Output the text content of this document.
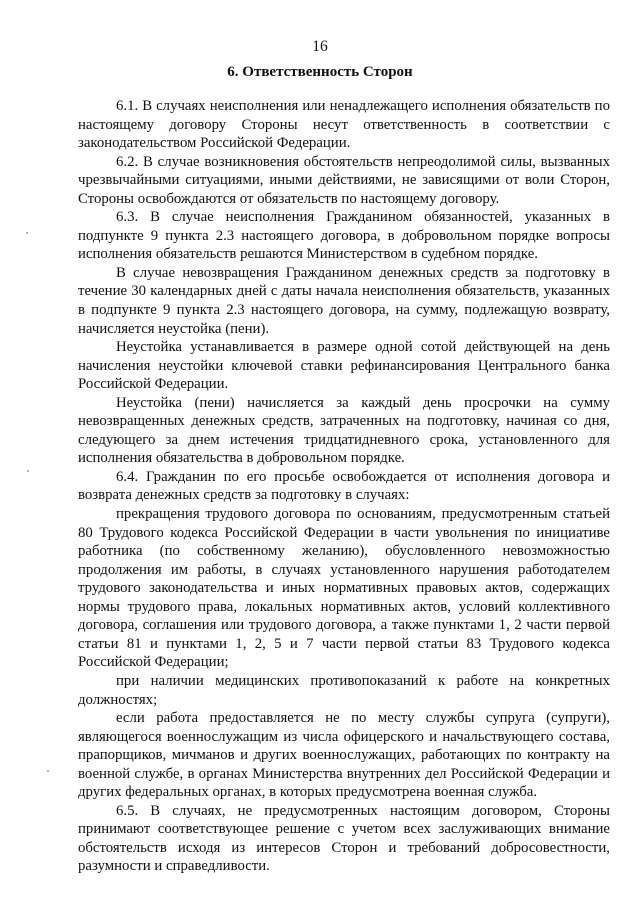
16
6. Ответственность Сторон

6.1. В случаях неисполнения или ненадлежащего исполнения обязательств по настоящему договору Стороны несут ответственность в соответствии с законодательством Российской Федерации.

6.2. В случае возникновения обстоятельств непреодолимой силы, вызванных чрезвычайными ситуациями, иными действиями, не зависящими от воли Сторон, Стороны освобождаются от обязательств по настоящему договору.

6.3. В случае неисполнения Гражданином обязанностей, указанных в подпункте 9 пункта 2.3 настоящего договора, в добровольном порядке вопросы исполнения обязательств решаются Министерством в судебном порядке.

В случае невозвращения Гражданином денежных средств за подготовку в течение 30 календарных дней с даты начала неисполнения обязательств, указанных в подпункте 9 пункта 2.3 настоящего договора, на сумму, подлежащую возврату, начисляется неустойка (пени).

Неустойка устанавливается в размере одной сотой действующей на день начисления неустойки ключевой ставки рефинансирования Центрального банка Российской Федерации.

Неустойка (пени) начисляется за каждый день просрочки на сумму невозвращенных денежных средств, затраченных на подготовку, начиная со дня, следующего за днем истечения тридцатидневного срока, установленного для исполнения обязательства в добровольном порядке.

6.4. Гражданин по его просьбе освобождается от исполнения договора и возврата денежных средств за подготовку в случаях:

прекращения трудового договора по основаниям, предусмотренным статьей 80 Трудового кодекса Российской Федерации в части увольнения по инициативе работника (по собственному желанию), обусловленного невозможностью продолжения им работы, в случаях установленного нарушения работодателем трудового законодательства и иных нормативных правовых актов, содержащих нормы трудового права, локальных нормативных актов, условий коллективного договора, соглашения или трудового договора, а также пунктами 1, 2 части первой статьи 81 и пунктами 1, 2, 5 и 7 части первой статьи 83 Трудового кодекса Российской Федерации;

при наличии медицинских противопоказаний к работе на конкретных должностях;

если работа предоставляется не по месту службы супруга (супруги), являющегося военнослужащим из числа офицерского и начальствующего состава, прапорщиков, мичманов и других военнослужащих, работающих по контракту на военной службе, в органах Министерства внутренних дел Российской Федерации и других федеральных органах, в которых предусмотрена военная служба.

6.5. В случаях, не предусмотренных настоящим договором, Стороны принимают соответствующее решение с учетом всех заслуживающих внимание обстоятельств исходя из интересов Сторон и требований добросовестности, разумности и справедливости.
